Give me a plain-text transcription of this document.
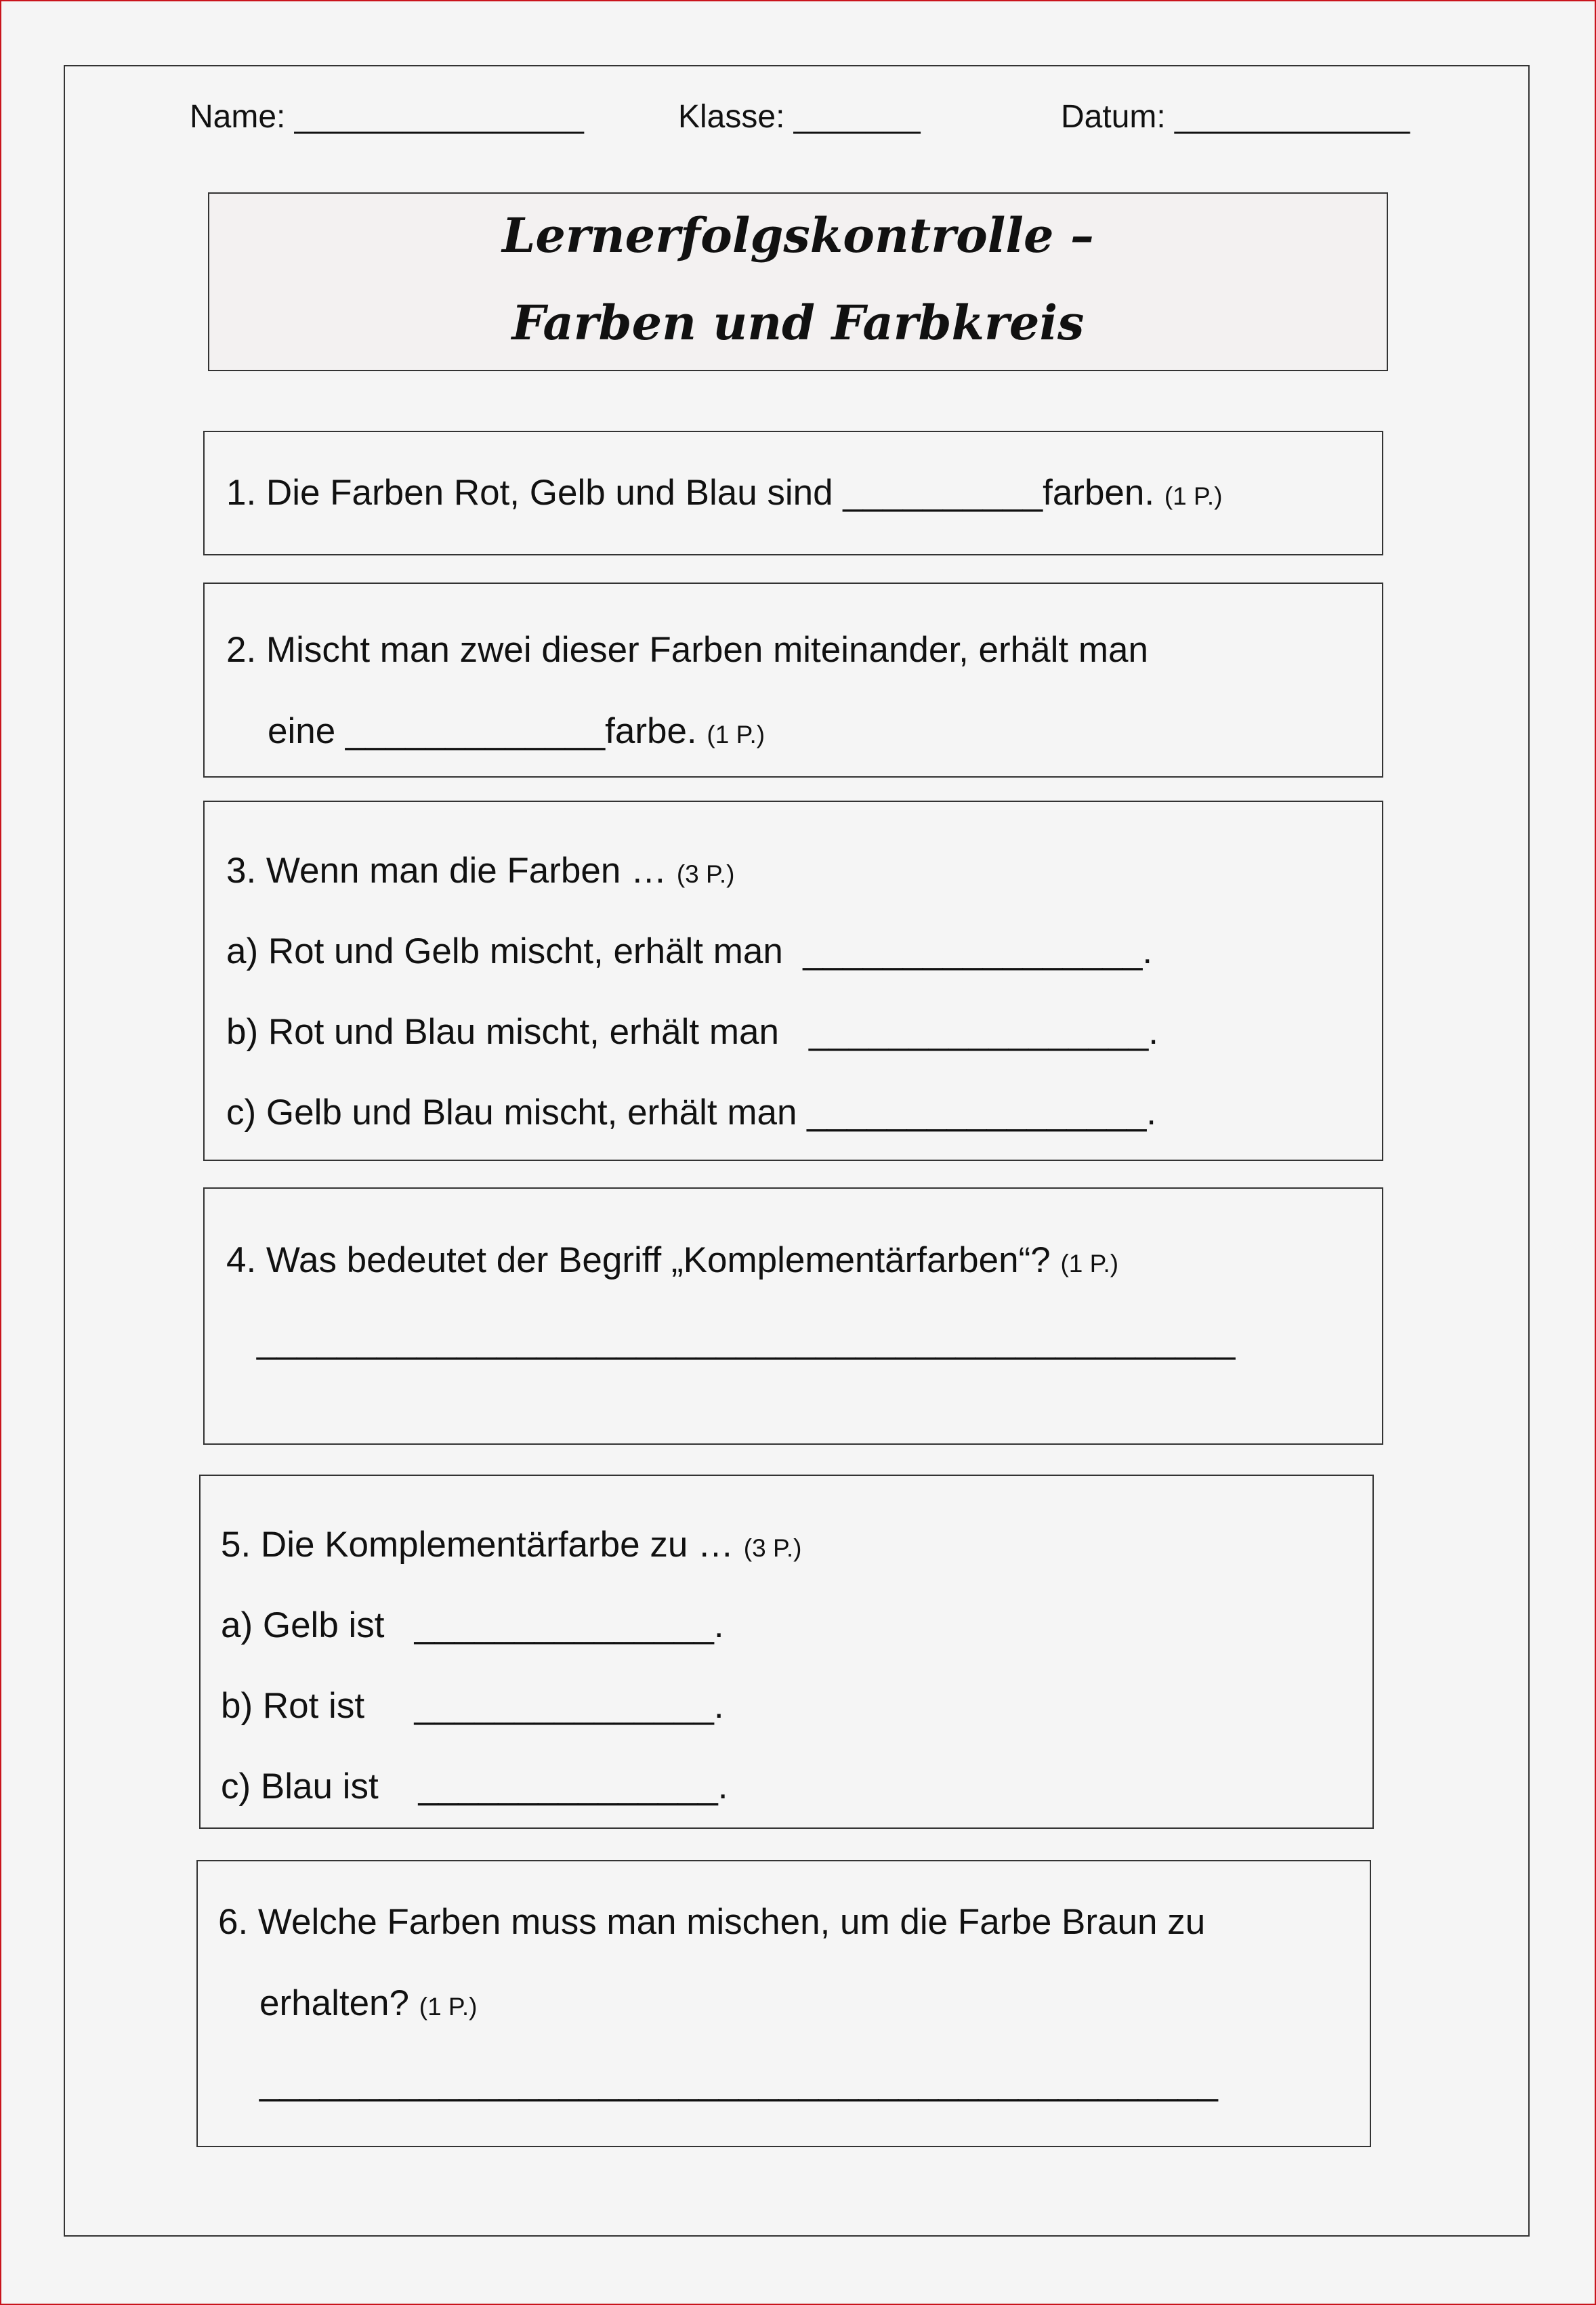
Name: ________________	Klasse: _______	Datum: _____________
Lernerfolgskontrolle –
Farben und Farbkreis
1. Die Farben Rot, Gelb und Blau sind __________farben. (1 P.)
2. Mischt man zwei dieser Farben miteinander, erhält man
eine _____________farbe. (1 P.)
3. Wenn man die Farben … (3 P.)
a) Rot und Gelb mischt, erhält man  _________________.
b) Rot und Blau mischt, erhält man   _________________.
c) Gelb und Blau mischt, erhält man _________________.
4. Was bedeutet der Begriff „Komplementärfarben“? (1 P.)
_________________________________________________
5. Die Komplementärfarbe zu … (3 P.)
a) Gelb ist   _______________.
b) Rot ist     _______________.
c) Blau ist    _______________.
6. Welche Farben muss man mischen, um die Farbe Braun zu
erhalten? (1 P.)
________________________________________________
